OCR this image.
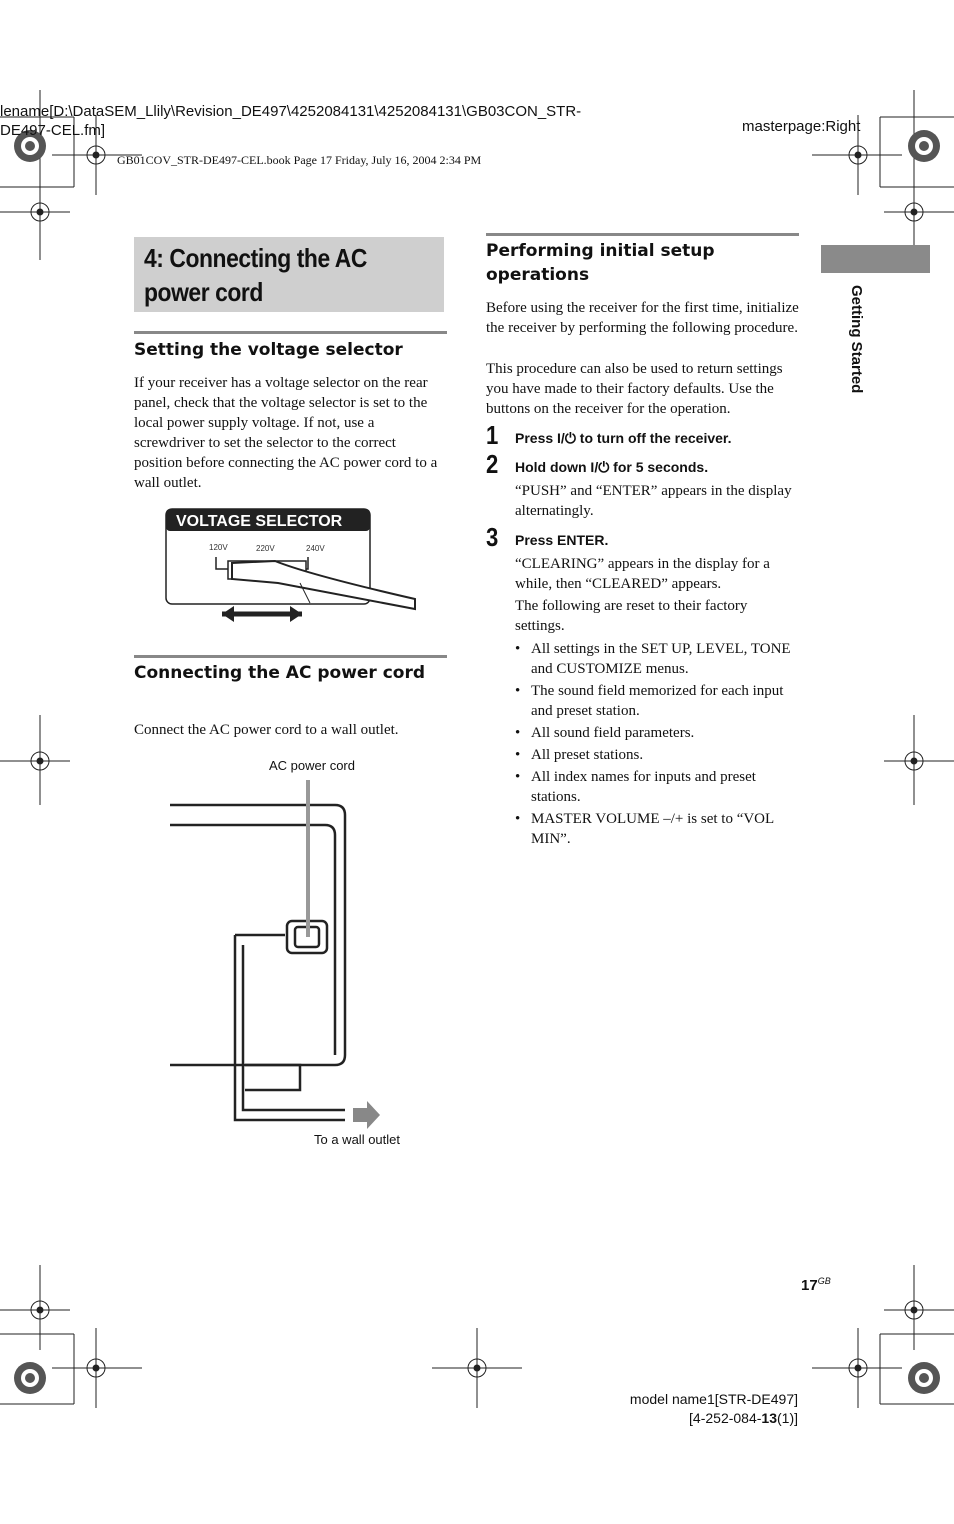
lename[D:\DataSEM_Llily\Revision_DE497\4252084131\4252084131\GB03CON_STR-
DE497-CEL.fm]	masterpage:Right
GB01COV_STR-DE497-CEL.book Page 17 Friday, July 16, 2004 2:34 PM
Getting Started
4: Connecting the AC power cord
Setting the voltage selector
If your receiver has a voltage selector on the rear panel, check that the voltage selector is set to the local power supply voltage. If not, use a screwdriver to set the selector to the correct position before connecting the AC power cord to a wall outlet.
VOLTAGE SELECTOR
120V	220V	240V
Connecting the AC power cord
Connect the AC power cord to a wall outlet.
AC power cord
To a wall outlet
Performing initial setup operations
Before using the receiver for the first time, initialize the receiver by performing the following procedure.
This procedure can also be used to return settings you have made to their factory defaults. Use the buttons on the receiver for the operation.
1 Press I/⏻ to turn off the receiver.
2 Hold down I/⏻ for 5 seconds.
“PUSH” and “ENTER” appears in the display alternatingly.
3 Press ENTER.
“CLEARING” appears in the display for a while, then “CLEARED” appears.
The following are reset to their factory settings.
• All settings in the SET UP, LEVEL, TONE and CUSTOMIZE menus.
• The sound field memorized for each input and preset station.
• All sound field parameters.
• All preset stations.
• All index names for inputs and preset stations.
• MASTER VOLUME –/+ is set to “VOL MIN”.
$17^{GB}$
model name1[STR-DE497]
[4-252-084-13(1)]
